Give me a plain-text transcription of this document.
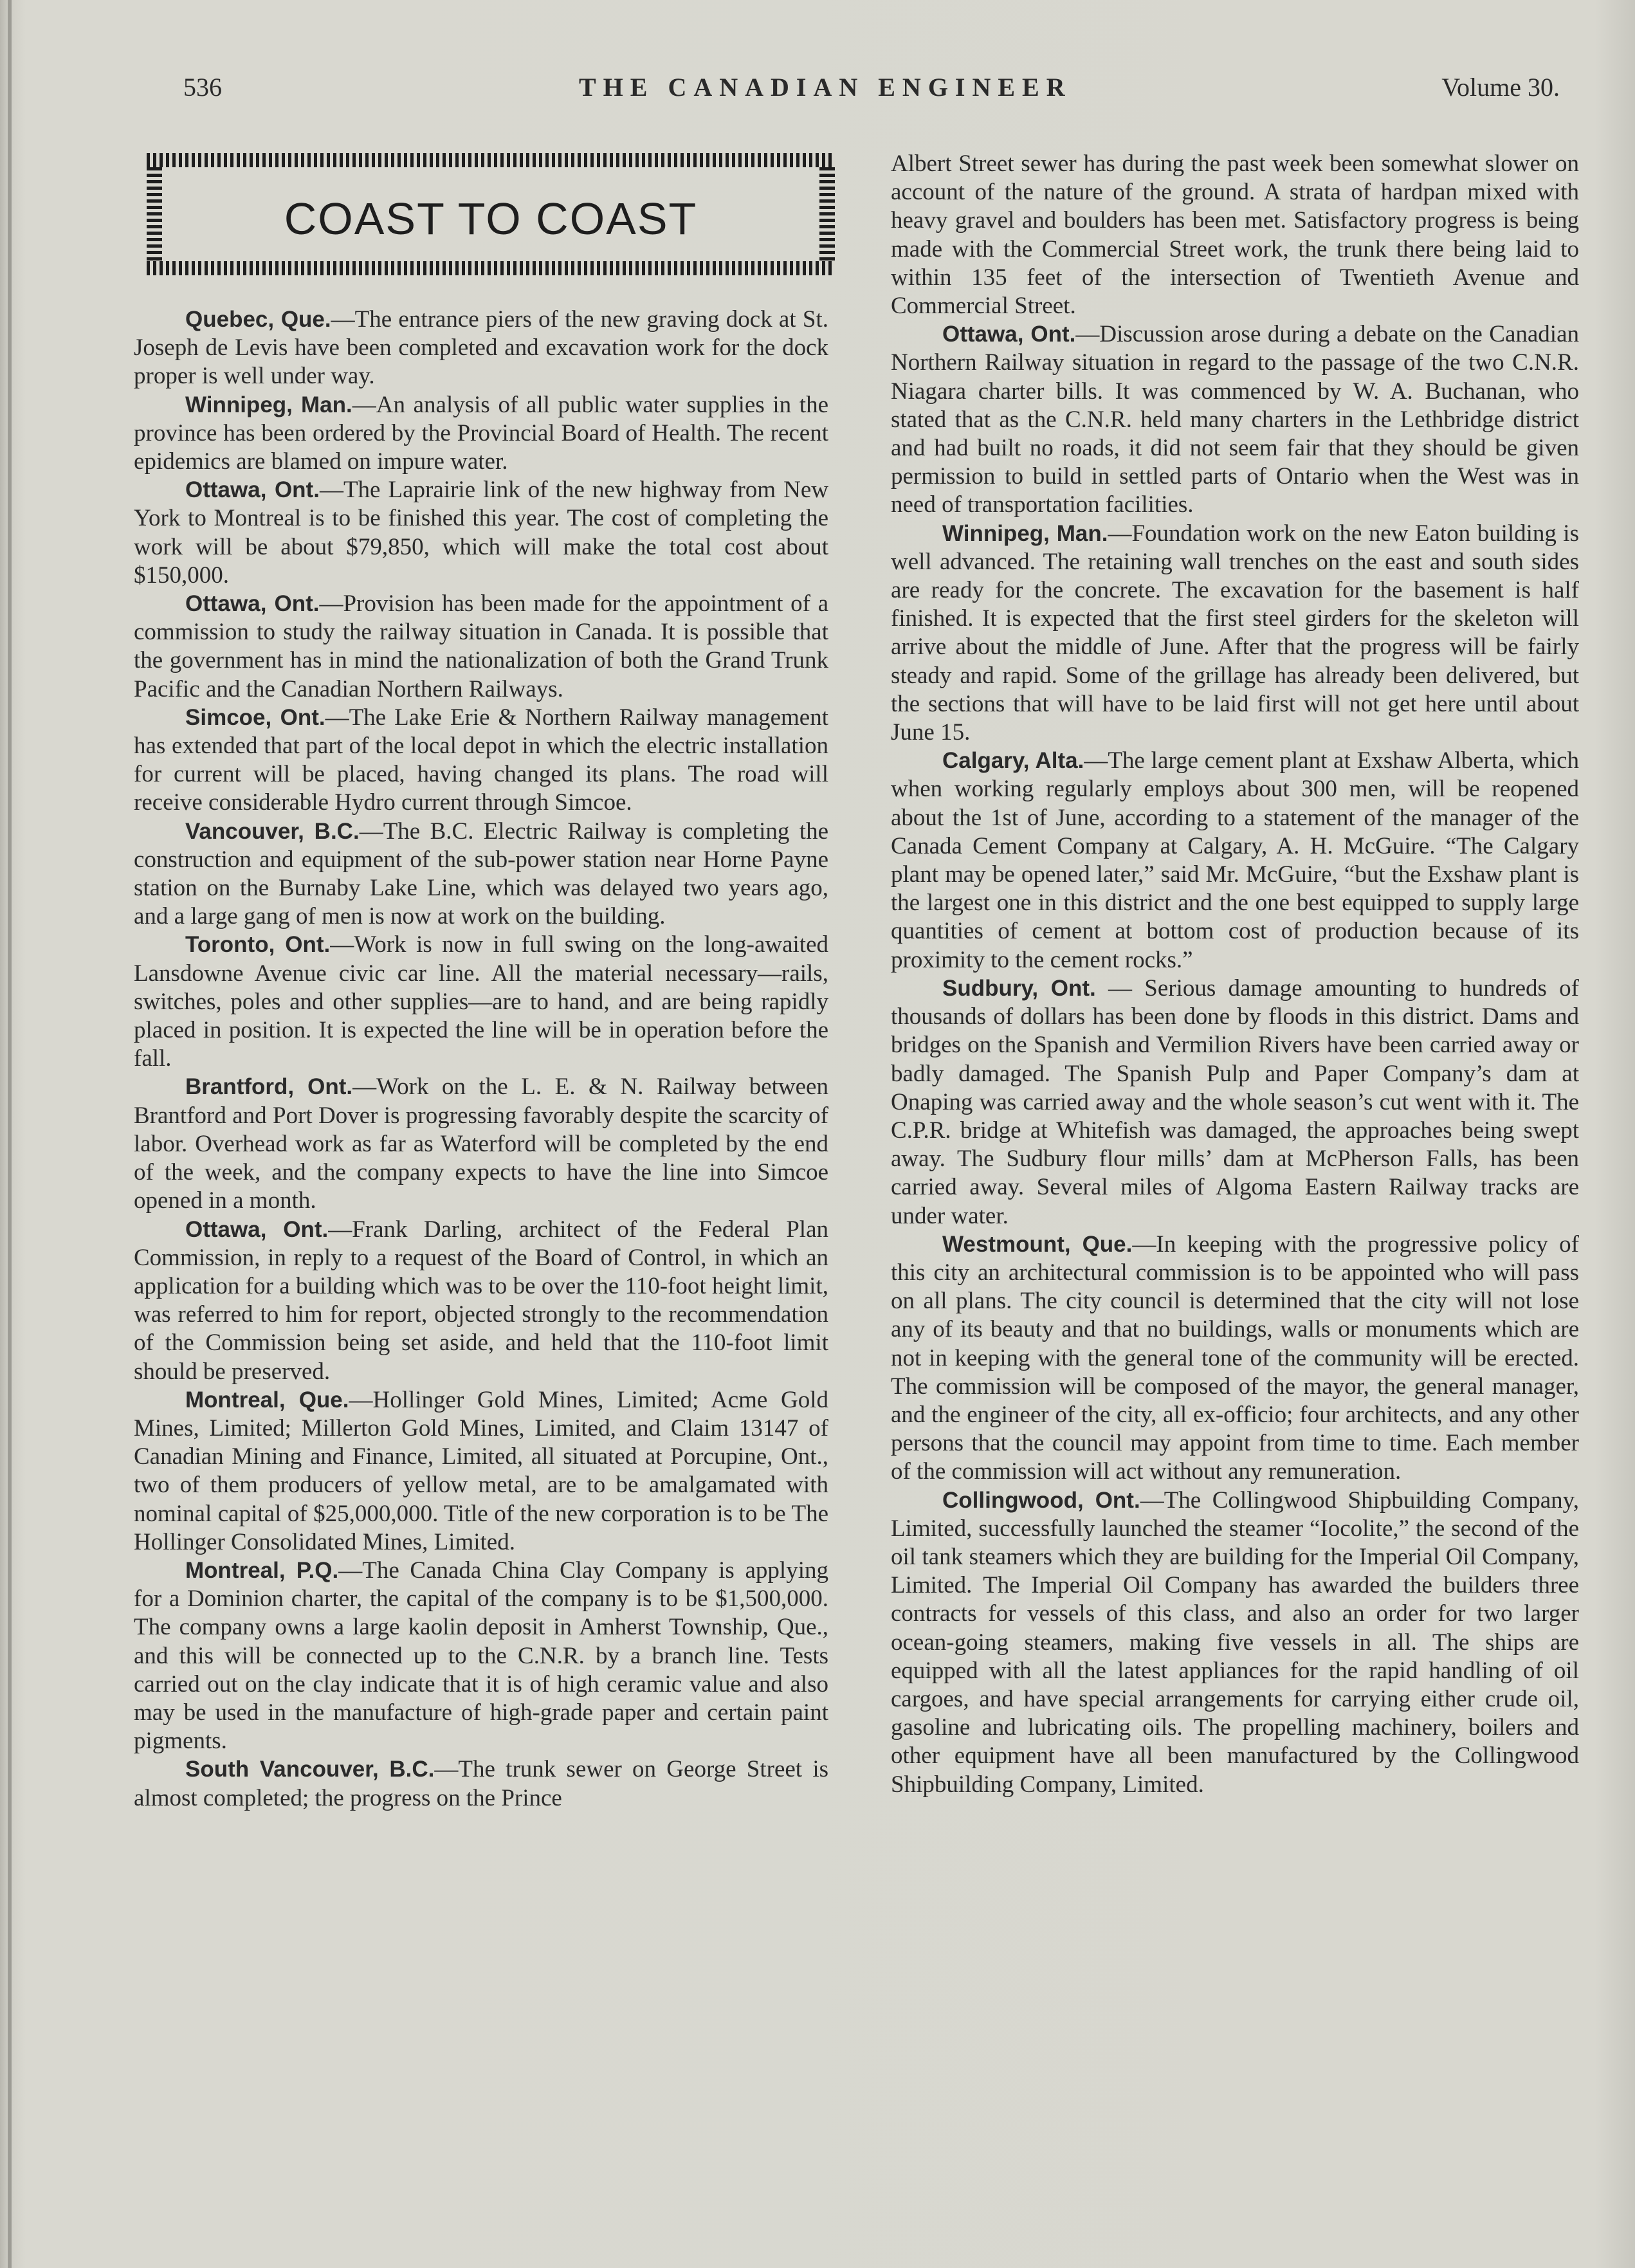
536	THE CANADIAN ENGINEER	Volume 30.
COAST TO COAST

Quebec, Que.—The entrance piers of the new graving dock at St. Joseph de Levis have been completed and excavation work for the dock proper is well under way.

Winnipeg, Man.—An analysis of all public water supplies in the province has been ordered by the Provincial Board of Health. The recent epidemics are blamed on impure water.

Ottawa, Ont.—The Laprairie link of the new highway from New York to Montreal is to be finished this year. The cost of completing the work will be about $79,850, which will make the total cost about $150,000.

Ottawa, Ont.—Provision has been made for the appointment of a commission to study the railway situation in Canada. It is possible that the government has in mind the nationalization of both the Grand Trunk Pacific and the Canadian Northern Railways.

Simcoe, Ont.—The Lake Erie & Northern Railway management has extended that part of the local depot in which the electric installation for current will be placed, having changed its plans. The road will receive considerable Hydro current through Simcoe.

Vancouver, B.C.—The B.C. Electric Railway is completing the construction and equipment of the sub-power station near Horne Payne station on the Burnaby Lake Line, which was delayed two years ago, and a large gang of men is now at work on the building.

Toronto, Ont.—Work is now in full swing on the long-awaited Lansdowne Avenue civic car line. All the material necessary—rails, switches, poles and other supplies—are to hand, and are being rapidly placed in position. It is expected the line will be in operation before the fall.

Brantford, Ont.—Work on the L. E. & N. Railway between Brantford and Port Dover is progressing favorably despite the scarcity of labor. Overhead work as far as Waterford will be completed by the end of the week, and the company expects to have the line into Simcoe opened in a month.

Ottawa, Ont.—Frank Darling, architect of the Federal Plan Commission, in reply to a request of the Board of Control, in which an application for a building which was to be over the 110-foot height limit, was referred to him for report, objected strongly to the recommendation of the Commission being set aside, and held that the 110-foot limit should be preserved.

Montreal, Que.—Hollinger Gold Mines, Limited; Acme Gold Mines, Limited; Millerton Gold Mines, Limited, and Claim 13147 of Canadian Mining and Finance, Limited, all situated at Porcupine, Ont., two of them producers of yellow metal, are to be amalgamated with nominal capital of $25,000,000. Title of the new corporation is to be The Hollinger Consolidated Mines, Limited.

Montreal, P.Q.—The Canada China Clay Company is applying for a Dominion charter, the capital of the company is to be $1,500,000. The company owns a large kaolin deposit in Amherst Township, Que., and this will be connected up to the C.N.R. by a branch line. Tests carried out on the clay indicate that it is of high ceramic value and also may be used in the manufacture of high-grade paper and certain paint pigments.

South Vancouver, B.C.—The trunk sewer on George Street is almost completed; the progress on the Prince

Albert Street sewer has during the past week been somewhat slower on account of the nature of the ground. A strata of hardpan mixed with heavy gravel and boulders has been met. Satisfactory progress is being made with the Commercial Street work, the trunk there being laid to within 135 feet of the intersection of Twentieth Avenue and Commercial Street.

Ottawa, Ont.—Discussion arose during a debate on the Canadian Northern Railway situation in regard to the passage of the two C.N.R. Niagara charter bills. It was commenced by W. A. Buchanan, who stated that as the C.N.R. held many charters in the Lethbridge district and had built no roads, it did not seem fair that they should be given permission to build in settled parts of Ontario when the West was in need of transportation facilities.

Winnipeg, Man.—Foundation work on the new Eaton building is well advanced. The retaining wall trenches on the east and south sides are ready for the concrete. The excavation for the basement is half finished. It is expected that the first steel girders for the skeleton will arrive about the middle of June. After that the progress will be fairly steady and rapid. Some of the grillage has already been delivered, but the sections that will have to be laid first will not get here until about June 15.

Calgary, Alta.—The large cement plant at Exshaw Alberta, which when working regularly employs about 300 men, will be reopened about the 1st of June, according to a statement of the manager of the Canada Cement Company at Calgary, A. H. McGuire. “The Calgary plant may be opened later,” said Mr. McGuire, “but the Exshaw plant is the largest one in this district and the one best equipped to supply large quantities of cement at bottom cost of production because of its proximity to the cement rocks.”

Sudbury, Ont. — Serious damage amounting to hundreds of thousands of dollars has been done by floods in this district. Dams and bridges on the Spanish and Vermilion Rivers have been carried away or badly damaged. The Spanish Pulp and Paper Company’s dam at Onaping was carried away and the whole season’s cut went with it. The C.P.R. bridge at Whitefish was damaged, the approaches being swept away. The Sudbury flour mills’ dam at McPherson Falls, has been carried away. Several miles of Algoma Eastern Railway tracks are under water.

Westmount, Que.—In keeping with the progressive policy of this city an architectural commission is to be appointed who will pass on all plans. The city council is determined that the city will not lose any of its beauty and that no buildings, walls or monuments which are not in keeping with the general tone of the community will be erected. The commission will be composed of the mayor, the general manager, and the engineer of the city, all ex-officio; four architects, and any other persons that the council may appoint from time to time. Each member of the commission will act without any remuneration.

Collingwood, Ont.—The Collingwood Shipbuilding Company, Limited, successfully launched the steamer “Iocolite,” the second of the oil tank steamers which they are building for the Imperial Oil Company, Limited. The Imperial Oil Company has awarded the builders three contracts for vessels of this class, and also an order for two larger ocean-going steamers, making five vessels in all. The ships are equipped with all the latest appliances for the rapid handling of oil cargoes, and have special arrangements for carrying either crude oil, gasoline and lubricating oils. The propelling machinery, boilers and other equipment have all been manufactured by the Collingwood Shipbuilding Company, Limited.
